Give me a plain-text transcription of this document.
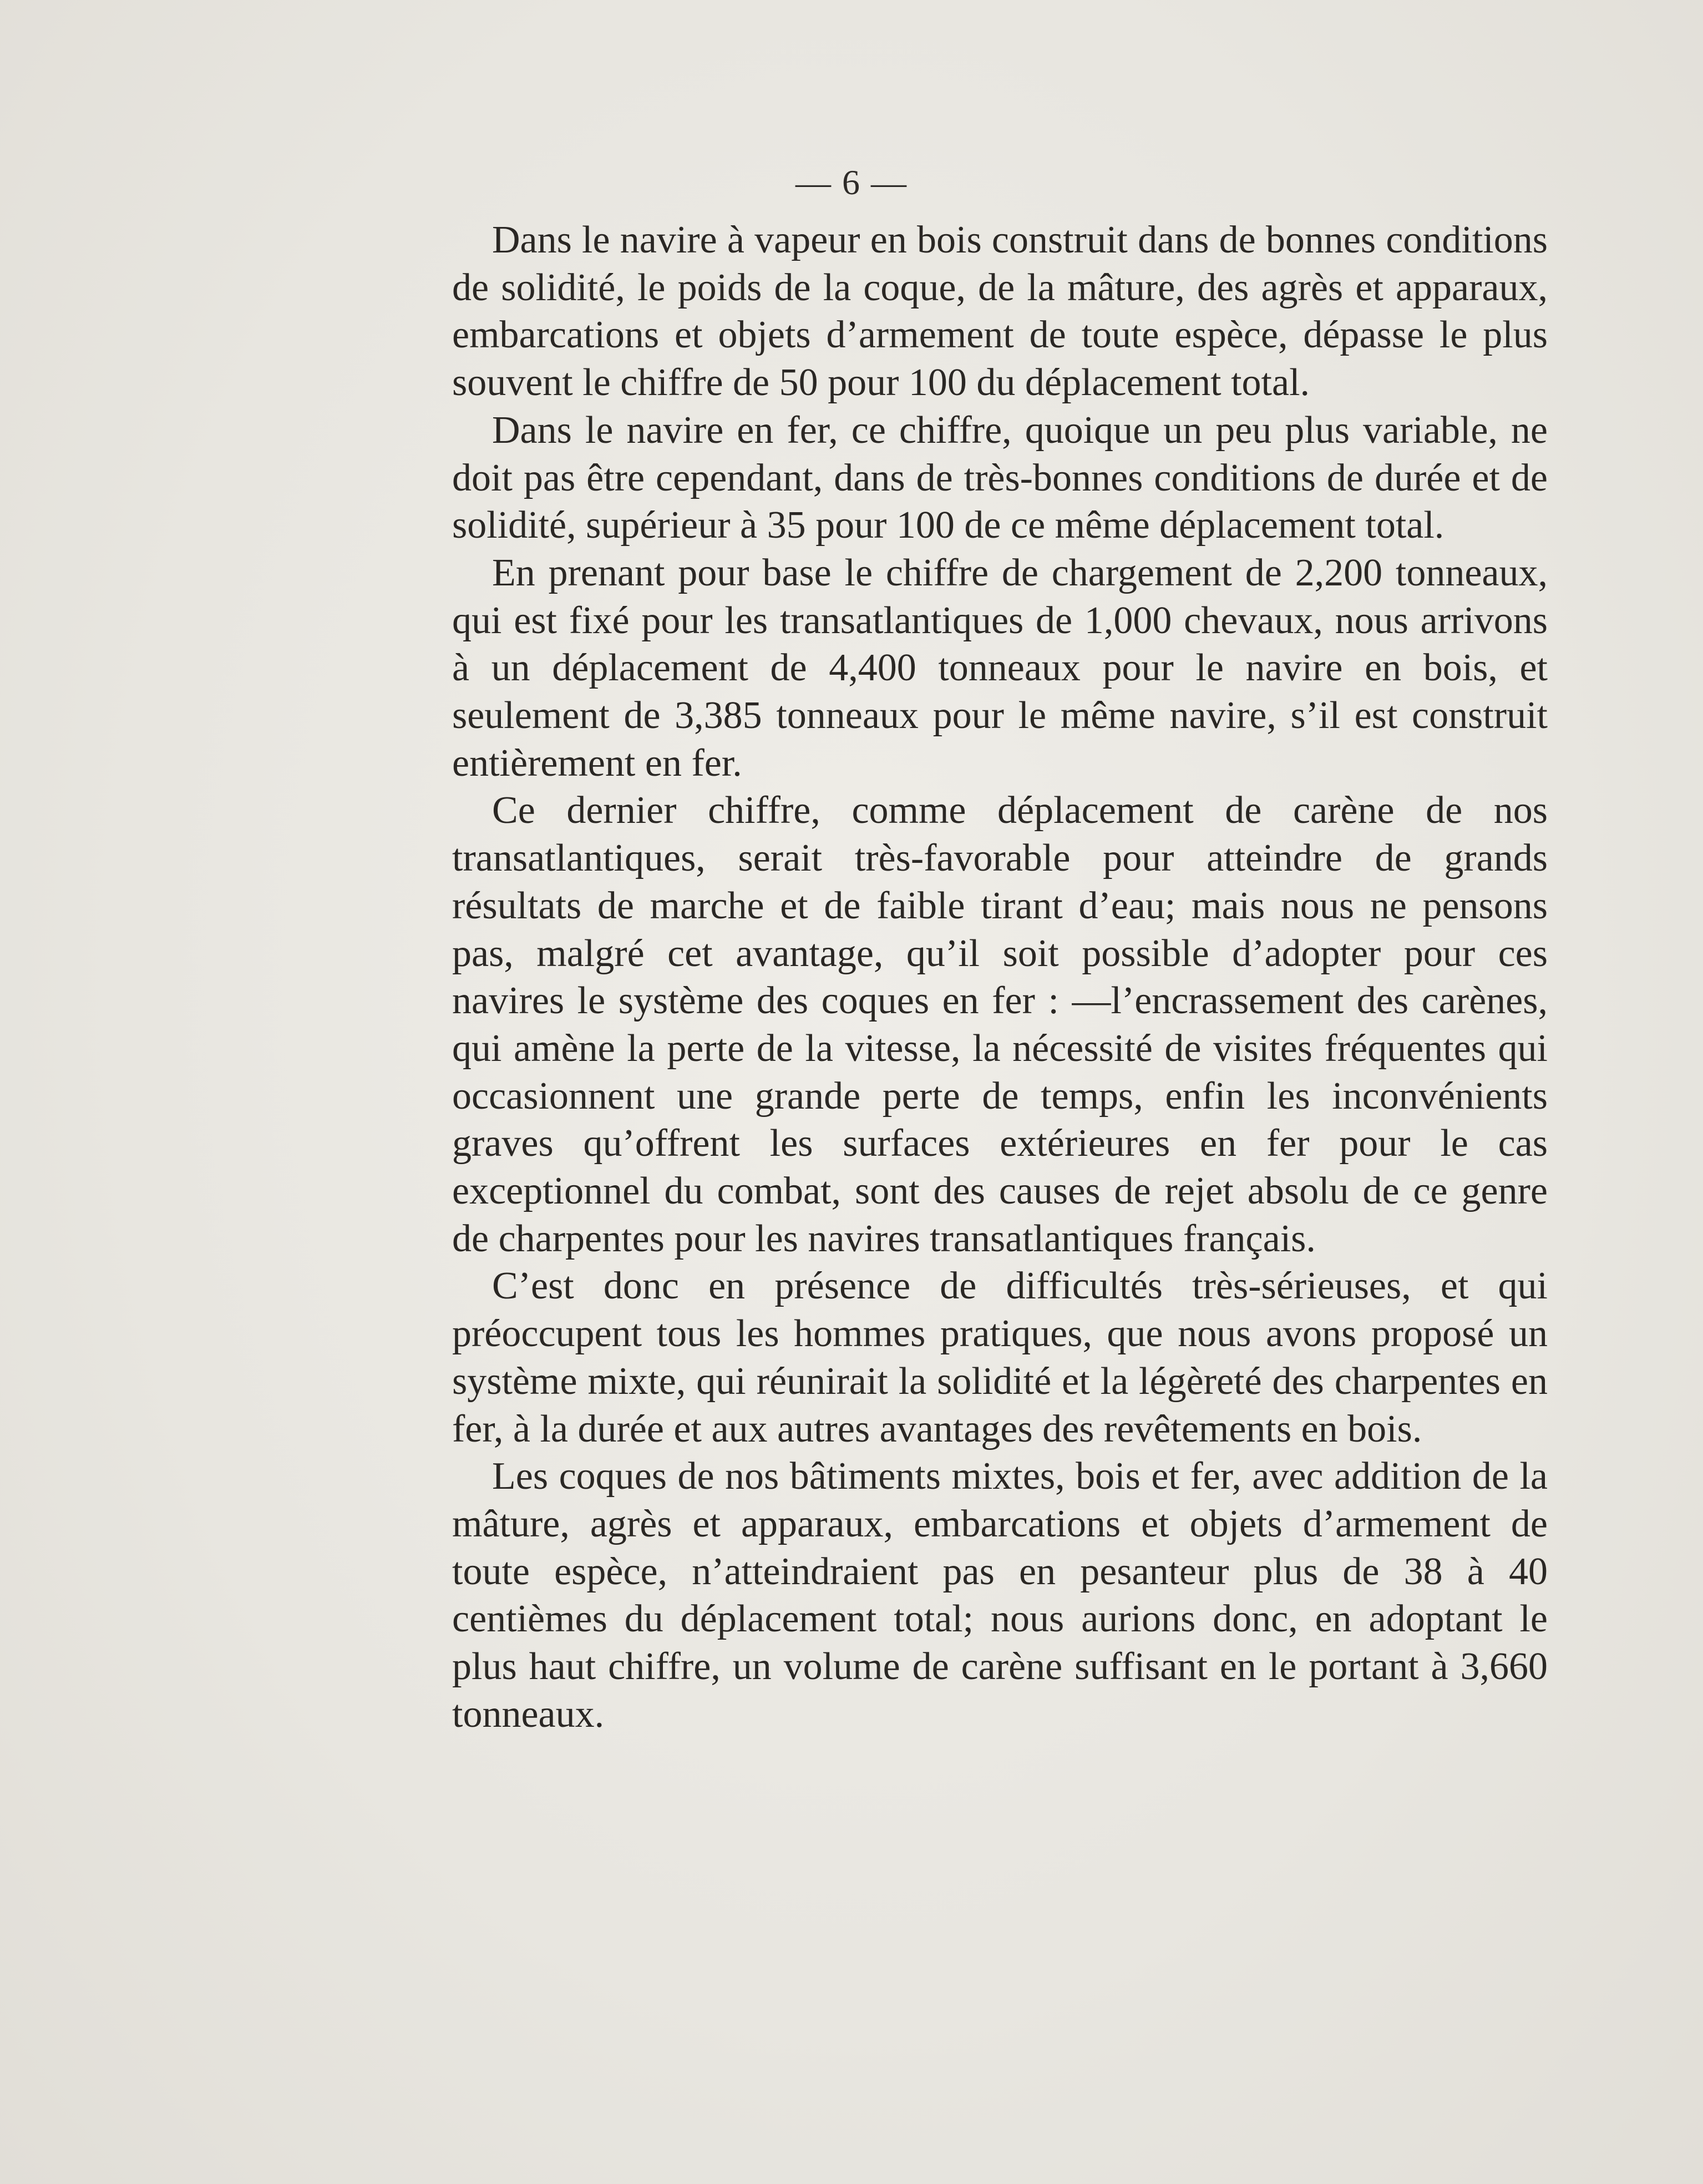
— 6 —

Dans le navire à vapeur en bois construit dans de bonnes conditions de solidité, le poids de la coque, de la mâture, des agrès et apparaux, embarcations et objets d’armement de toute espèce, dépasse le plus souvent le chiffre de 50 pour 100 du déplacement total.

Dans le navire en fer, ce chiffre, quoique un peu plus variable, ne doit pas être cependant, dans de très-bonnes conditions de durée et de solidité, supérieur à 35 pour 100 de ce même déplacement total.

En prenant pour base le chiffre de chargement de 2,200 tonneaux, qui est fixé pour les transatlantiques de 1,000 chevaux, nous arrivons à un déplacement de 4,400 tonneaux pour le navire en bois, et seulement de 3,385 tonneaux pour le même navire, s’il est construit entièrement en fer.

Ce dernier chiffre, comme déplacement de carène de nos transatlantiques, serait très-favorable pour atteindre de grands résultats de marche et de faible tirant d’eau; mais nous ne pensons pas, malgré cet avantage, qu’il soit possible d’adopter pour ces navires le système des coques en fer : —l’encrassement des carènes, qui amène la perte de la vitesse, la nécessité de visites fréquentes qui occasionnent une grande perte de temps, enfin les inconvénients graves qu’offrent les surfaces extérieures en fer pour le cas exceptionnel du combat, sont des causes de rejet absolu de ce genre de charpentes pour les navires transatlantiques français.

C’est donc en présence de difficultés très-sérieuses, et qui préoccupent tous les hommes pratiques, que nous avons proposé un système mixte, qui réunirait la solidité et la légèreté des charpentes en fer, à la durée et aux autres avantages des revêtements en bois.

Les coques de nos bâtiments mixtes, bois et fer, avec addition de la mâture, agrès et apparaux, embarcations et objets d’armement de toute espèce, n’atteindraient pas en pesanteur plus de 38 à 40 centièmes du déplacement total; nous aurions donc, en adoptant le plus haut chiffre, un volume de carène suffisant en le portant à 3,660 tonneaux.
